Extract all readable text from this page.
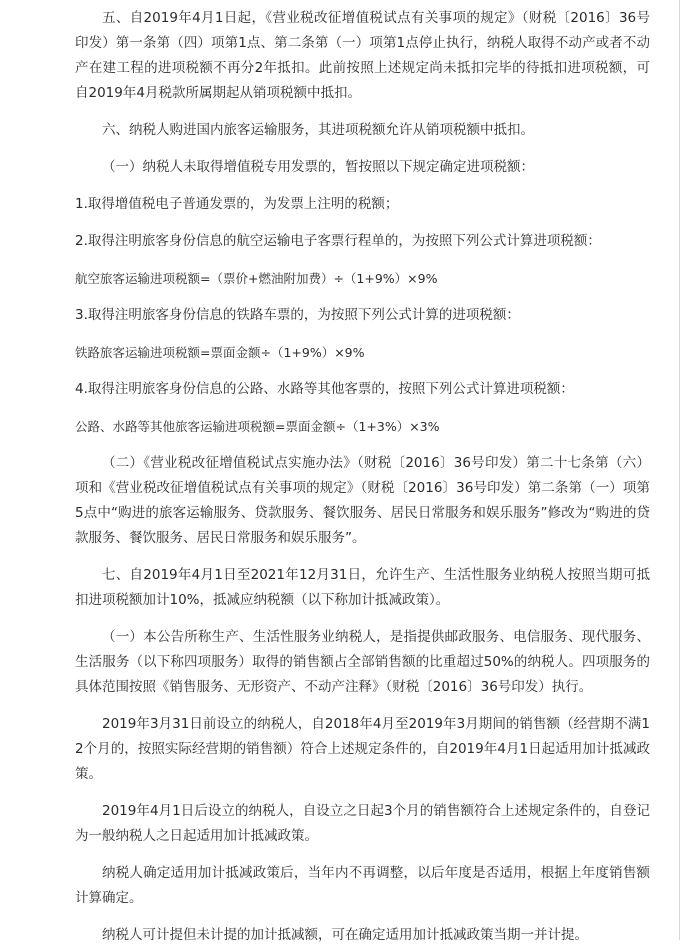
五、自2019年4月1日起，《营业税改征增值税试点有关事项的规定》（财税〔2016〕36号印发）第一条第（四）项第1点、第二条第（一）项第1点停止执行，纳税人取得不动产或者不动产在建工程的进项税额不再分2年抵扣。此前按照上述规定尚未抵扣完毕的待抵扣进项税额，可自2019年4月税款所属期起从销项税额中抵扣。

六、纳税人购进国内旅客运输服务，其进项税额允许从销项税额中抵扣。

（一）纳税人未取得增值税专用发票的，暂按照以下规定确定进项税额：

1.取得增值税电子普通发票的，为发票上注明的税额；

2.取得注明旅客身份信息的航空运输电子客票行程单的，为按照下列公式计算进项税额：

航空旅客运输进项税额=（票价+燃油附加费）÷（1+9%）×9%

3.取得注明旅客身份信息的铁路车票的，为按照下列公式计算的进项税额：

铁路旅客运输进项税额=票面金额÷（1+9%）×9%

4.取得注明旅客身份信息的公路、水路等其他客票的，按照下列公式计算进项税额：

公路、水路等其他旅客运输进项税额=票面金额÷（1+3%）×3%

（二）《营业税改征增值税试点实施办法》（财税〔2016〕36号印发）第二十七条第（六）项和《营业税改征增值税试点有关事项的规定》（财税〔2016〕36号印发）第二条第（一）项第5点中“购进的旅客运输服务、贷款服务、餐饮服务、居民日常服务和娱乐服务”修改为“购进的贷款服务、餐饮服务、居民日常服务和娱乐服务”。

七、自2019年4月1日至2021年12月31日，允许生产、生活性服务业纳税人按照当期可抵扣进项税额加计10%，抵减应纳税额（以下称加计抵减政策）。

（一）本公告所称生产、生活性服务业纳税人，是指提供邮政服务、电信服务、现代服务、生活服务（以下称四项服务）取得的销售额占全部销售额的比重超过50%的纳税人。四项服务的具体范围按照《销售服务、无形资产、不动产注释》（财税〔2016〕36号印发）执行。

2019年3月31日前设立的纳税人，自2018年4月至2019年3月期间的销售额（经营期不满12个月的，按照实际经营期的销售额）符合上述规定条件的，自2019年4月1日起适用加计抵减政策。

2019年4月1日后设立的纳税人，自设立之日起3个月的销售额符合上述规定条件的，自登记为一般纳税人之日起适用加计抵减政策。

纳税人确定适用加计抵减政策后，当年内不再调整，以后年度是否适用，根据上年度销售额计算确定。

纳税人可计提但未计提的加计抵减额，可在确定适用加计抵减政策当期一并计提。
